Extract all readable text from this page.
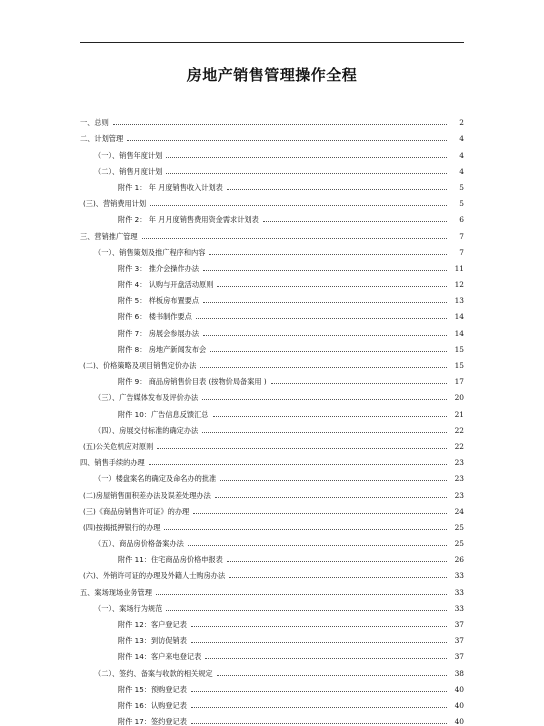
房地产销售管理操作全程
一、总则	2
二、计划管理	4
（一）、销售年度计划	4
（二）、销售月度计划	4
附件 1： 年 月度销售收入计划表	5
(三)、营销费用计划	5
附件 2： 年 月月度销售费用资金需求计划表	6
三、营销推广管理	7
（一）、销售策划及推广程序和内容	7
附件 3： 推介会操作办法	11
附件 4： 认购与开盘活动原则	12
附件 5： 样板房布置要点	13
附件 6： 楼书制作要点	14
附件 7： 房展会参展办法	14
附件 8： 房地产新闻发布会	15
(二)、价格策略及项目销售定价办法	15
附件 9： 商品房销售价目表 (按物价局备案用 )	17
（三）、广告媒体发布及评价办法	20
附件 10：广告信息反馈汇总	21
（四）、房展交付标准的确定办法	22
(五)公关危机应对原则	22
四、销售手续的办理	23
（一）楼盘案名的确定及命名办的批准	23
(二)房屋销售面积差办法及误差处理办法	23
(三)《商品房销售许可证》的办理	24
(四)按揭抵押银行的办理	25
（五）、商品房价格备案办法	25
附件 11：住宅商品房价格申报表	26
(六)、外销许可证的办理及外籍人士购房办法	33
五、案场现场业务管理	33
（一）、案场行为规范	33
附件 12：客户登记表	37
附件 13：到访促销表	37
附件 14：客户来电登记表	37
（二）、签约、备案与收款的相关规定	38
附件 15：预购登记表	40
附件 16：认购登记表	40
附件 17：签约登记表	40
